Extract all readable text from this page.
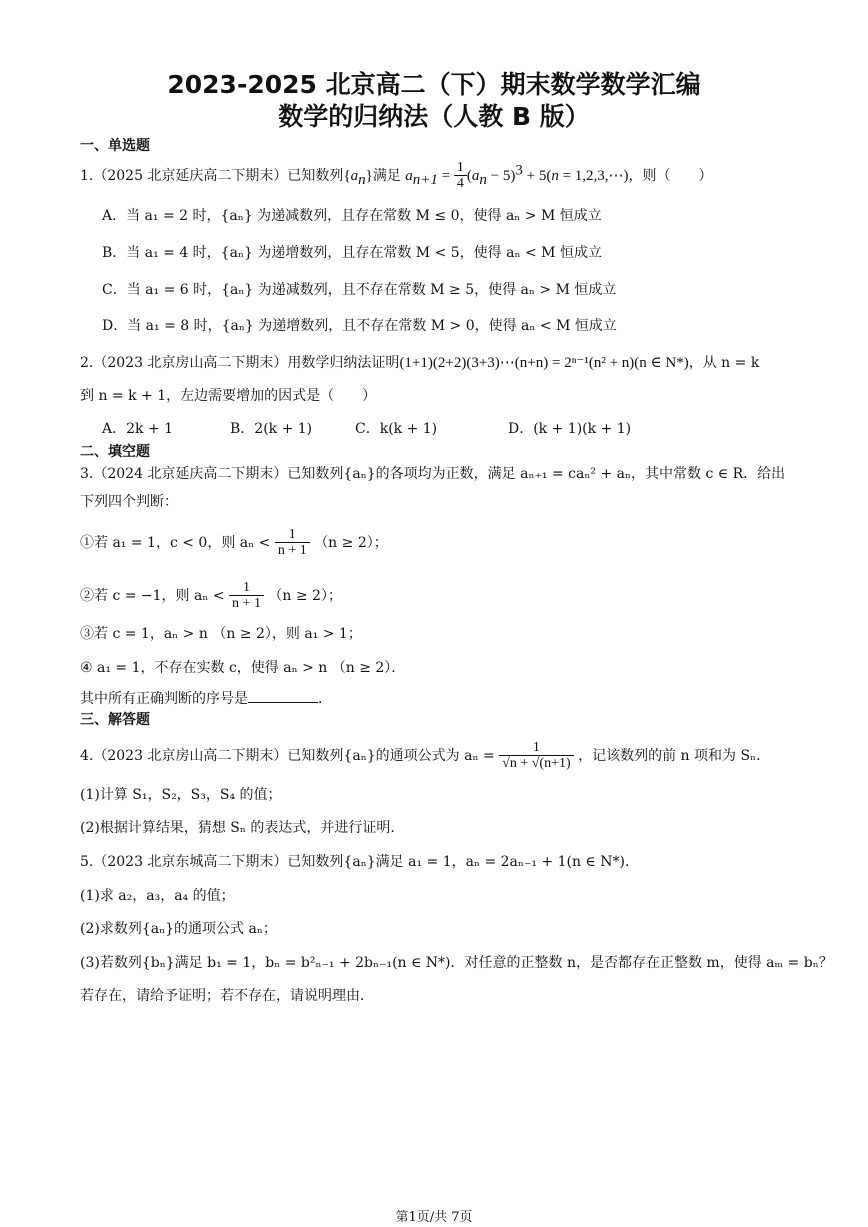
2023-2025 北京高二（下）期末数学数学汇编
数学的归纳法（人教 B 版）
一、单选题
1.（2025 北京延庆高二下期末）已知数列$\{a_n\}$满足 $a_{n+1} = \frac{1}{4} (a_n - 5)^3 + 5(n$ = 1,2,3,⋯)，则（　　）
A．当 a₁ = 2 时，{aₙ} 为递减数列，且存在常数 M ≤ 0，使得 aₙ > M 恒成立
B．当 a₁ = 4 时，{aₙ} 为递增数列，且存在常数 M < 5，使得 aₙ < M 恒成立
C．当 a₁ = 6 时，{aₙ} 为递减数列，且不存在常数 M ≥ 5，使得 aₙ > M 恒成立
D．当 a₁ = 8 时，{aₙ} 为递增数列，且不存在常数 M > 0，使得 aₙ < M 恒成立
2.（2023 北京房山高二下期末）用数学归纳法证明(1+1)(2+2)(3+3)⋯(n+n) = 2ⁿ⁻¹(n² + n)(n ∈ N*)，从 n = k
到 n = k + 1，左边需要增加的因式是（　　）
A．2k + 1	B．2(k + 1)	C．k(k + 1)	D．(k + 1)(k + 1)
二、填空题
3.（2024 北京延庆高二下期末）已知数列{aₙ}的各项均为正数，满足 aₙ₊₁ = caₙ² + aₙ，其中常数 c ∈ R．给出
下列四个判断：
①若 a₁ = 1，c < 0，则 $a_n < \frac{1}{n + 1} (n \ge 2)$；
②若 c = −1，则 $a_n < \frac{1}{n + 1} (n \ge 2)$；
③若 c = 1，aₙ > n （n ≥ 2），则 a₁ > 1；
④ a₁ = 1，不存在实数 c，使得 aₙ > n （n ≥ 2）．
其中所有正确判断的序号是	．
三、解答题
4.（2023 北京房山高二下期末）已知数列{aₙ}的通项公式为 $a_n = \frac{1}{√n + √(n+1)}$ ，记该数列的前 n 项和为 Sₙ．
(1)计算 S₁，S₂，S₃，S₄ 的值；
(2)根据计算结果，猜想 Sₙ 的表达式，并进行证明．
5.（2023 北京东城高二下期末）已知数列{aₙ}满足 a₁ = 1，aₙ = 2aₙ₋₁ + 1(n ∈ N*)．
(1)求 a₂，a₃，a₄ 的值；
(2)求数列{aₙ}的通项公式 aₙ；
(3)若数列{bₙ}满足 b₁ = 1，bₙ = b²ₙ₋₁ + 2bₙ₋₁(n ∈ N*)．对任意的正整数 n，是否都存在正整数 m，使得 aₘ = bₙ？
若存在，请给予证明；若不存在，请说明理由．
第1页/共 7页
